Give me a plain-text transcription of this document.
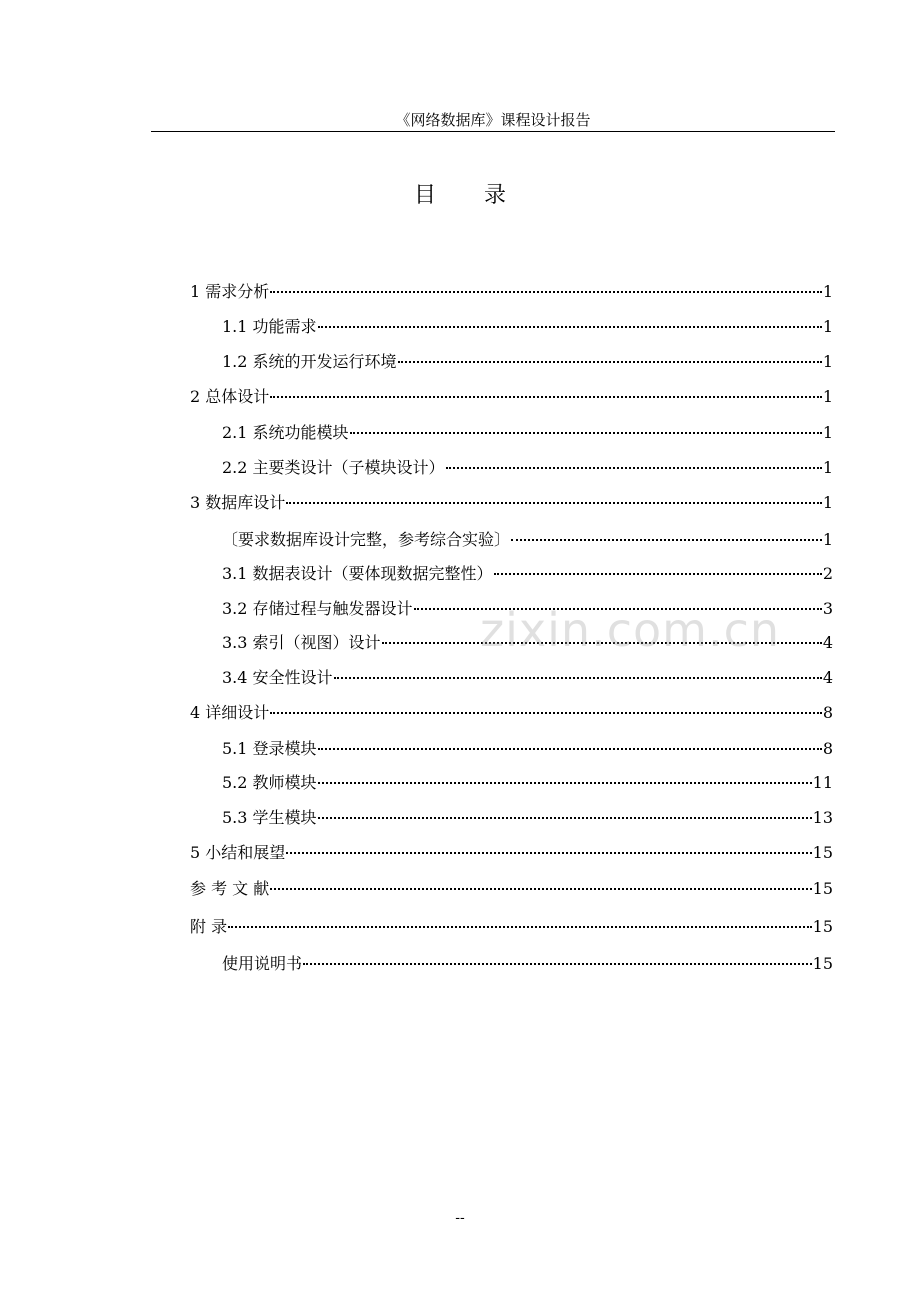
《网络数据库》课程设计报告
目录
1 需求分析	1
1.1 功能需求	1
1.2 系统的开发运行环境	1
2 总体设计	1
2.1 系统功能模块	1
2.2 主要类设计（子模块设计）	1
3 数据库设计	1
〔要求数据库设计完整，参考综合实验〕	1
3.1 数据表设计（要体现数据完整性）	2
3.2 存储过程与触发器设计	3
3.3 索引（视图）设计	4
3.4 安全性设计	4
4 详细设计	8
5.1 登录模块	8
5.2 教师模块	11
5.3 学生模块	13
5 小结和展望	15
参 考 文 献	15
附 录	15
使用说明书	15
zixin.com.cn
--
